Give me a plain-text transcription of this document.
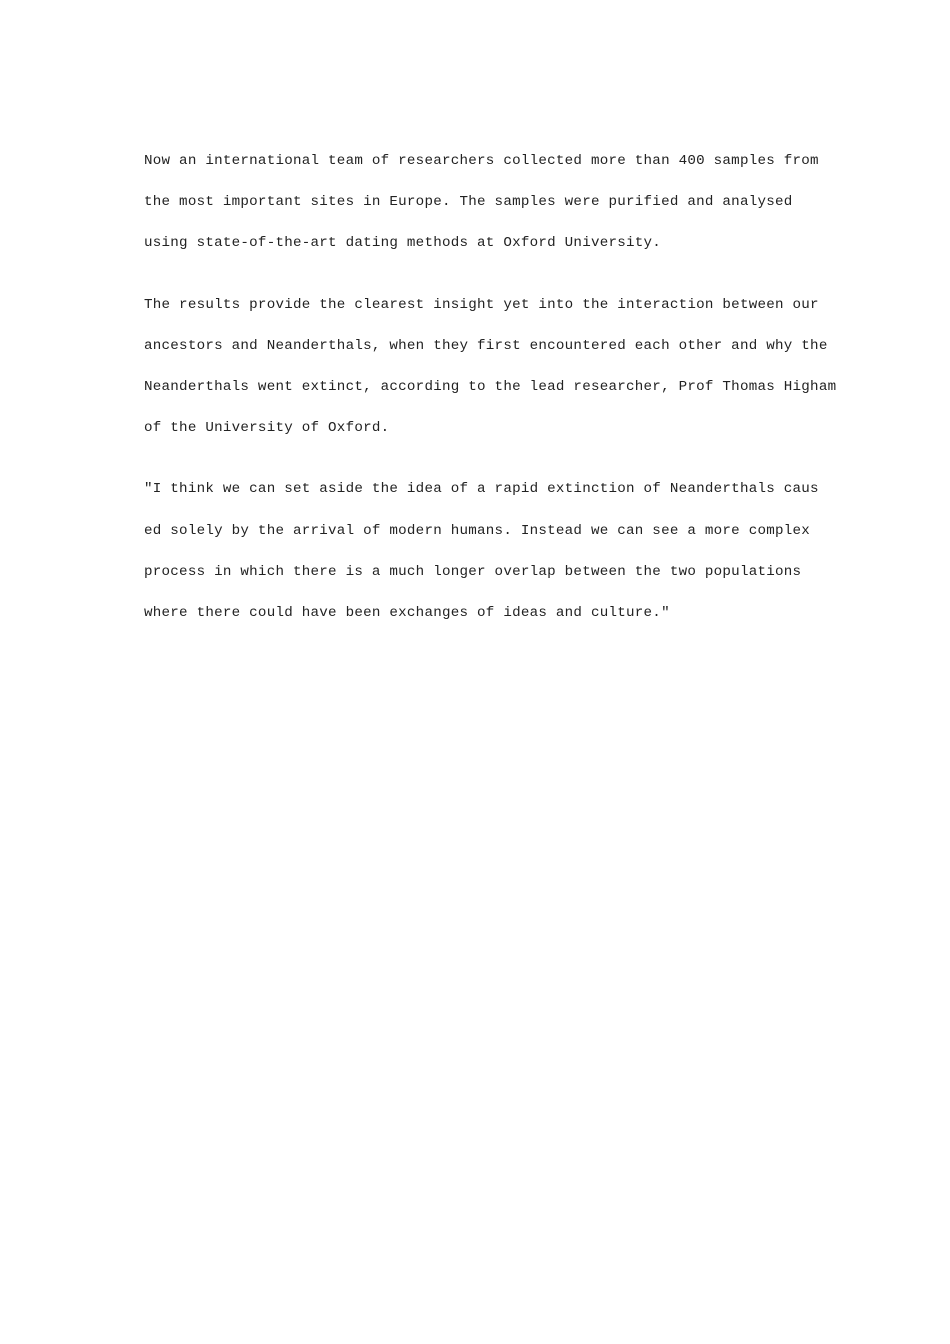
Now an international team of researchers collected more than 400 samples from
the most important sites in Europe. The samples were purified and analysed
using state-of-the-art dating methods at Oxford University.

The results provide the clearest insight yet into the interaction between our
ancestors and Neanderthals, when they first encountered each other and why the
Neanderthals went extinct, according to the lead researcher, Prof Thomas Higham
of the University of Oxford.

"I think we can set aside the idea of a rapid extinction of Neanderthals caus
ed solely by the arrival of modern humans. Instead we can see a more complex
process in which there is a much longer overlap between the two populations
where there could have been exchanges of ideas and culture."
